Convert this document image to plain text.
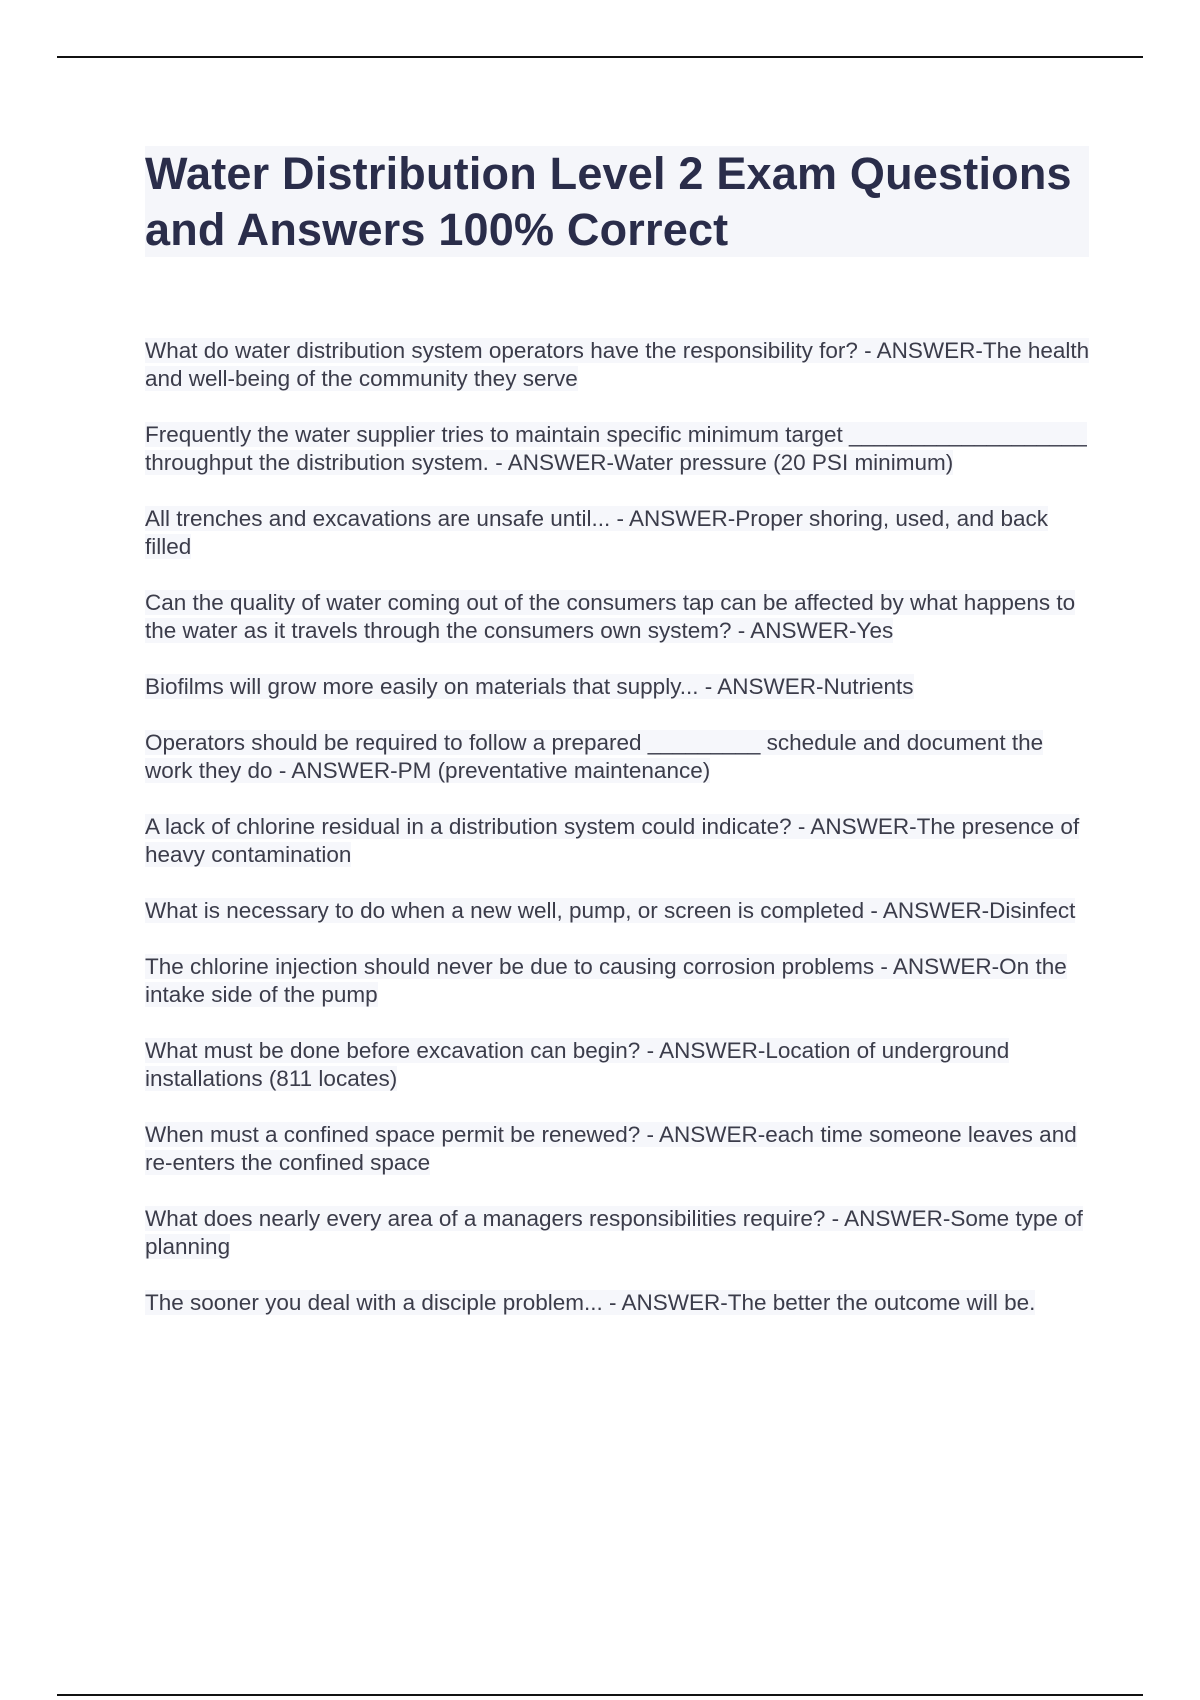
Water Distribution Level 2 Exam Questions and Answers 100% Correct

What do water distribution system operators have the responsibility for? - ANSWER-The health and well-being of the community they serve

Frequently the water supplier tries to maintain specific minimum target ___________________ throughput the distribution system. - ANSWER-Water pressure (20 PSI minimum)

All trenches and excavations are unsafe until... - ANSWER-Proper shoring, used, and back filled

Can the quality of water coming out of the consumers tap can be affected by what happens to the water as it travels through the consumers own system? - ANSWER-Yes

Biofilms will grow more easily on materials that supply... - ANSWER-Nutrients

Operators should be required to follow a prepared _________ schedule and document the work they do - ANSWER-PM (preventative maintenance)

A lack of chlorine residual in a distribution system could indicate? - ANSWER-The presence of heavy contamination

What is necessary to do when a new well, pump, or screen is completed - ANSWER-Disinfect

The chlorine injection should never be due to causing corrosion problems - ANSWER-On the intake side of the pump

What must be done before excavation can begin? - ANSWER-Location of underground installations (811 locates)

When must a confined space permit be renewed? - ANSWER-each time someone leaves and re-enters the confined space

What does nearly every area of a managers responsibilities require? - ANSWER-Some type of planning

The sooner you deal with a disciple problem... - ANSWER-The better the outcome will be.
